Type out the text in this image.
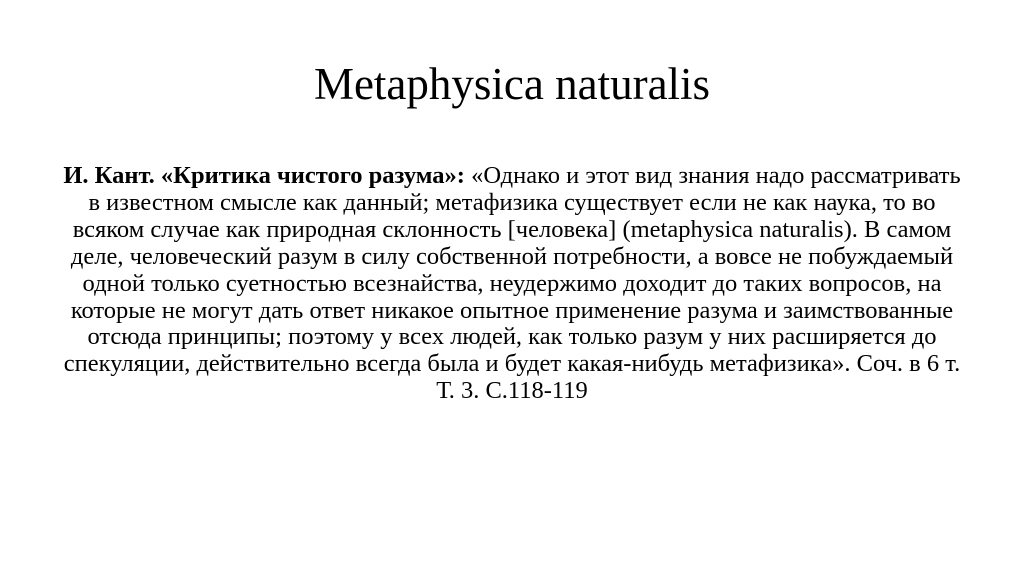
Metaphysica naturalis

И. Кант. «Критика чистого разума»: «Однако и этот вид знания надо рассматривать в известном смысле как данный; метафизика существует если не как наука, то во всяком случае как природная склонность [человека] (metaphysica naturalis). В самом деле, человеческий разум в силу собственной потребности, а вовсе не побуждаемый одной только суетностью всезнайства, неудержимо доходит до таких вопросов, на которые не могут дать ответ никакое опытное применение разума и заимствованные отсюда принципы; поэтому у всех людей, как только разум у них расширяется до спекуляции, действительно всегда была и будет какая-нибудь метафизика». Соч. в 6 т. Т. 3. С.118-119
